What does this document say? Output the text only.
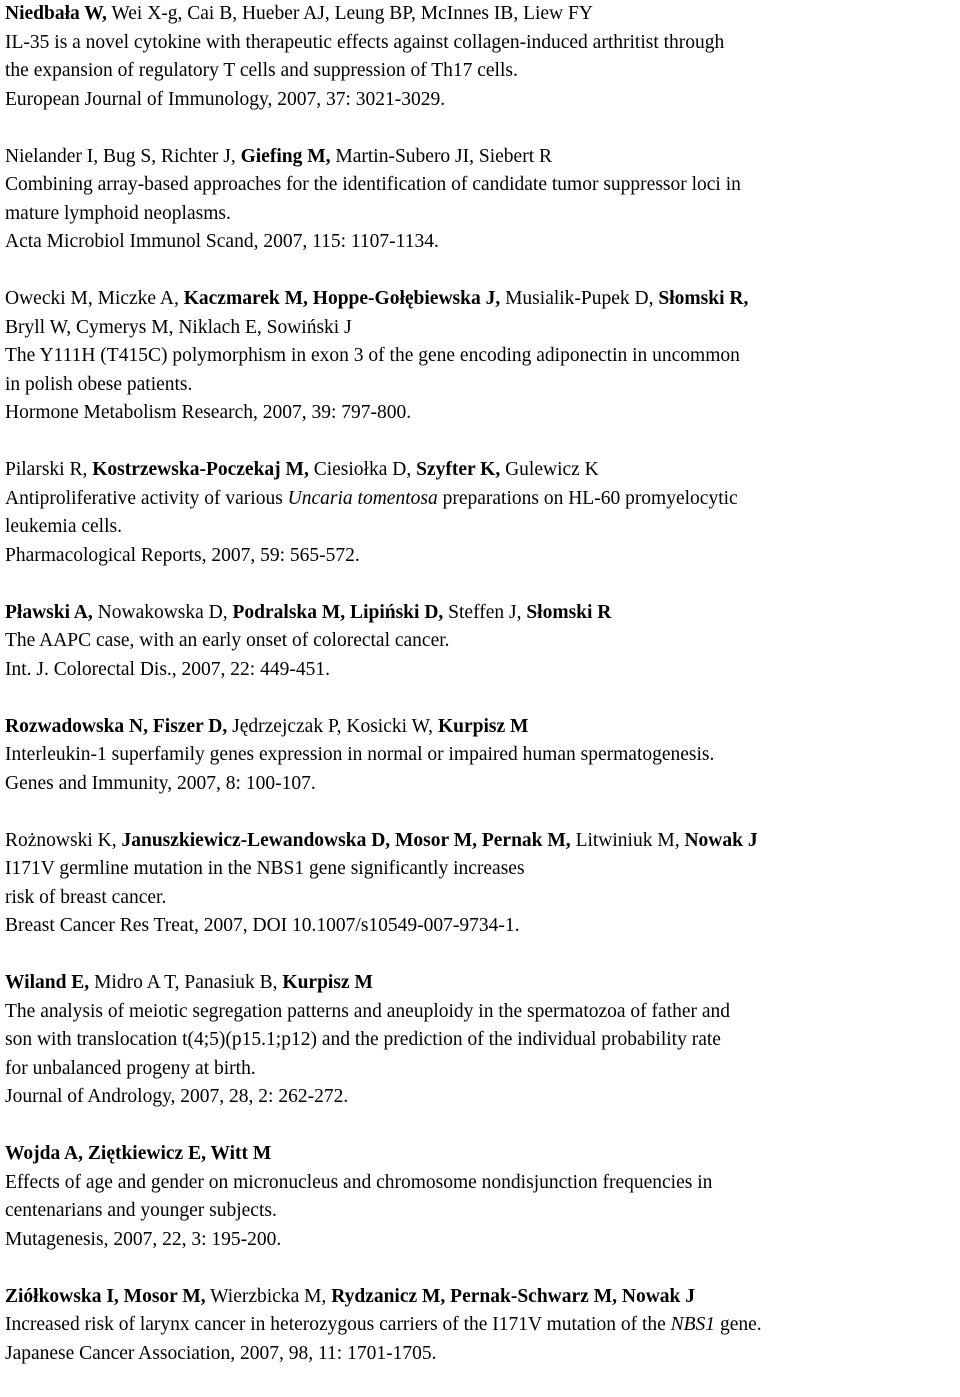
Niedbała W, Wei X-g, Cai B, Hueber AJ, Leung BP, McInnes IB, Liew FY
IL-35 is a novel cytokine with therapeutic effects against collagen-induced arthritist through
the expansion of regulatory T cells and suppression of Th17 cells.
European Journal of Immunology, 2007, 37: 3021-3029.
Nielander I, Bug S, Richter J, Giefing M, Martin-Subero JI, Siebert R
Combining array-based approaches for the identification of candidate tumor suppressor loci in
mature lymphoid neoplasms.
Acta Microbiol Immunol Scand, 2007, 115: 1107-1134.
Owecki M, Miczke A, Kaczmarek M, Hoppe-Gołębiewska J, Musialik-Pupek D, Słomski R,
Bryll W, Cymerys M, Niklach E, Sowiński J
The Y111H (T415C) polymorphism in exon 3 of the gene encoding adiponectin in uncommon
in polish obese patients.
Hormone Metabolism Research, 2007, 39: 797-800.
Pilarski R, Kostrzewska-Poczekaj M, Ciesiołka D, Szyfter K, Gulewicz K
Antiproliferative activity of various Uncaria tomentosa preparations on HL-60 promyelocytic
leukemia cells.
Pharmacological Reports, 2007, 59: 565-572.
Pławski A, Nowakowska D, Podralska M, Lipiński D, Steffen J, Słomski R
The AAPC case, with an early onset of colorectal cancer.
Int. J. Colorectal Dis., 2007, 22: 449-451.
Rozwadowska N, Fiszer D, Jędrzejczak P, Kosicki W, Kurpisz M
Interleukin-1 superfamily genes expression in normal or impaired human spermatogenesis.
Genes and Immunity, 2007, 8: 100-107.
Rożnowski K, Januszkiewicz-Lewandowska D, Mosor M, Pernak M, Litwiniuk M, Nowak J
I171V germline mutation in the NBS1 gene significantly increases
risk of breast cancer.
Breast Cancer Res Treat, 2007, DOI 10.1007/s10549-007-9734-1.
Wiland E, Midro A T, Panasiuk B, Kurpisz M
The analysis of meiotic segregation patterns and aneuploidy in the spermatozoa of father and
son with translocation t(4;5)(p15.1;p12) and the prediction of the individual probability rate
for unbalanced progeny at birth.
Journal of Andrology, 2007, 28, 2: 262-272.
Wojda A, Ziętkiewicz E, Witt M
Effects of age and gender on micronucleus and chromosome nondisjunction frequencies in
centenarians and younger subjects.
Mutagenesis, 2007, 22, 3: 195-200.
Ziółkowska I, Mosor M, Wierzbicka M, Rydzanicz M, Pernak-Schwarz M, Nowak J
Increased risk of larynx cancer in heterozygous carriers of the I171V mutation of the NBS1 gene.
Japanese Cancer Association, 2007, 98, 11: 1701-1705.
